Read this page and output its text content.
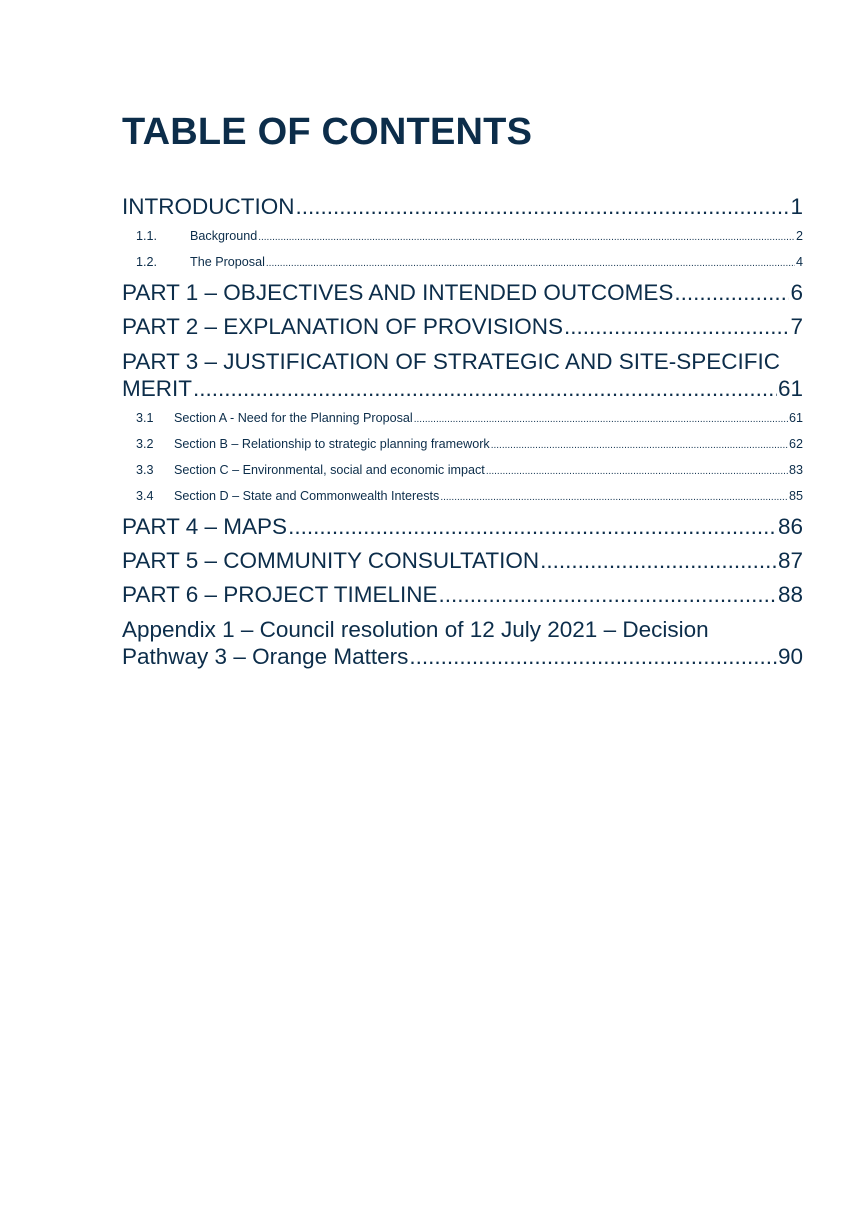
TABLE OF CONTENTS
INTRODUCTION .....	1
1.1.	Background .....	2
1.2.	The Proposal .....	4
PART 1 – OBJECTIVES AND INTENDED OUTCOMES .....	6
PART 2 – EXPLANATION OF PROVISIONS .....	7
PART 3 – JUSTIFICATION OF STRATEGIC AND SITE-SPECIFIC
MERIT .....	61
3.1	Section A - Need for the Planning Proposal .....	61
3.2	Section B – Relationship to strategic planning framework .....	62
3.3	Section C – Environmental, social and economic impact .....	83
3.4	Section D – State and Commonwealth Interests .....	85
PART 4 – MAPS .....	86
PART 5 – COMMUNITY CONSULTATION .....	87
PART 6 – PROJECT TIMELINE .....	88
Appendix 1 – Council resolution of 12 July 2021 – Decision
Pathway 3 – Orange Matters .....	90
